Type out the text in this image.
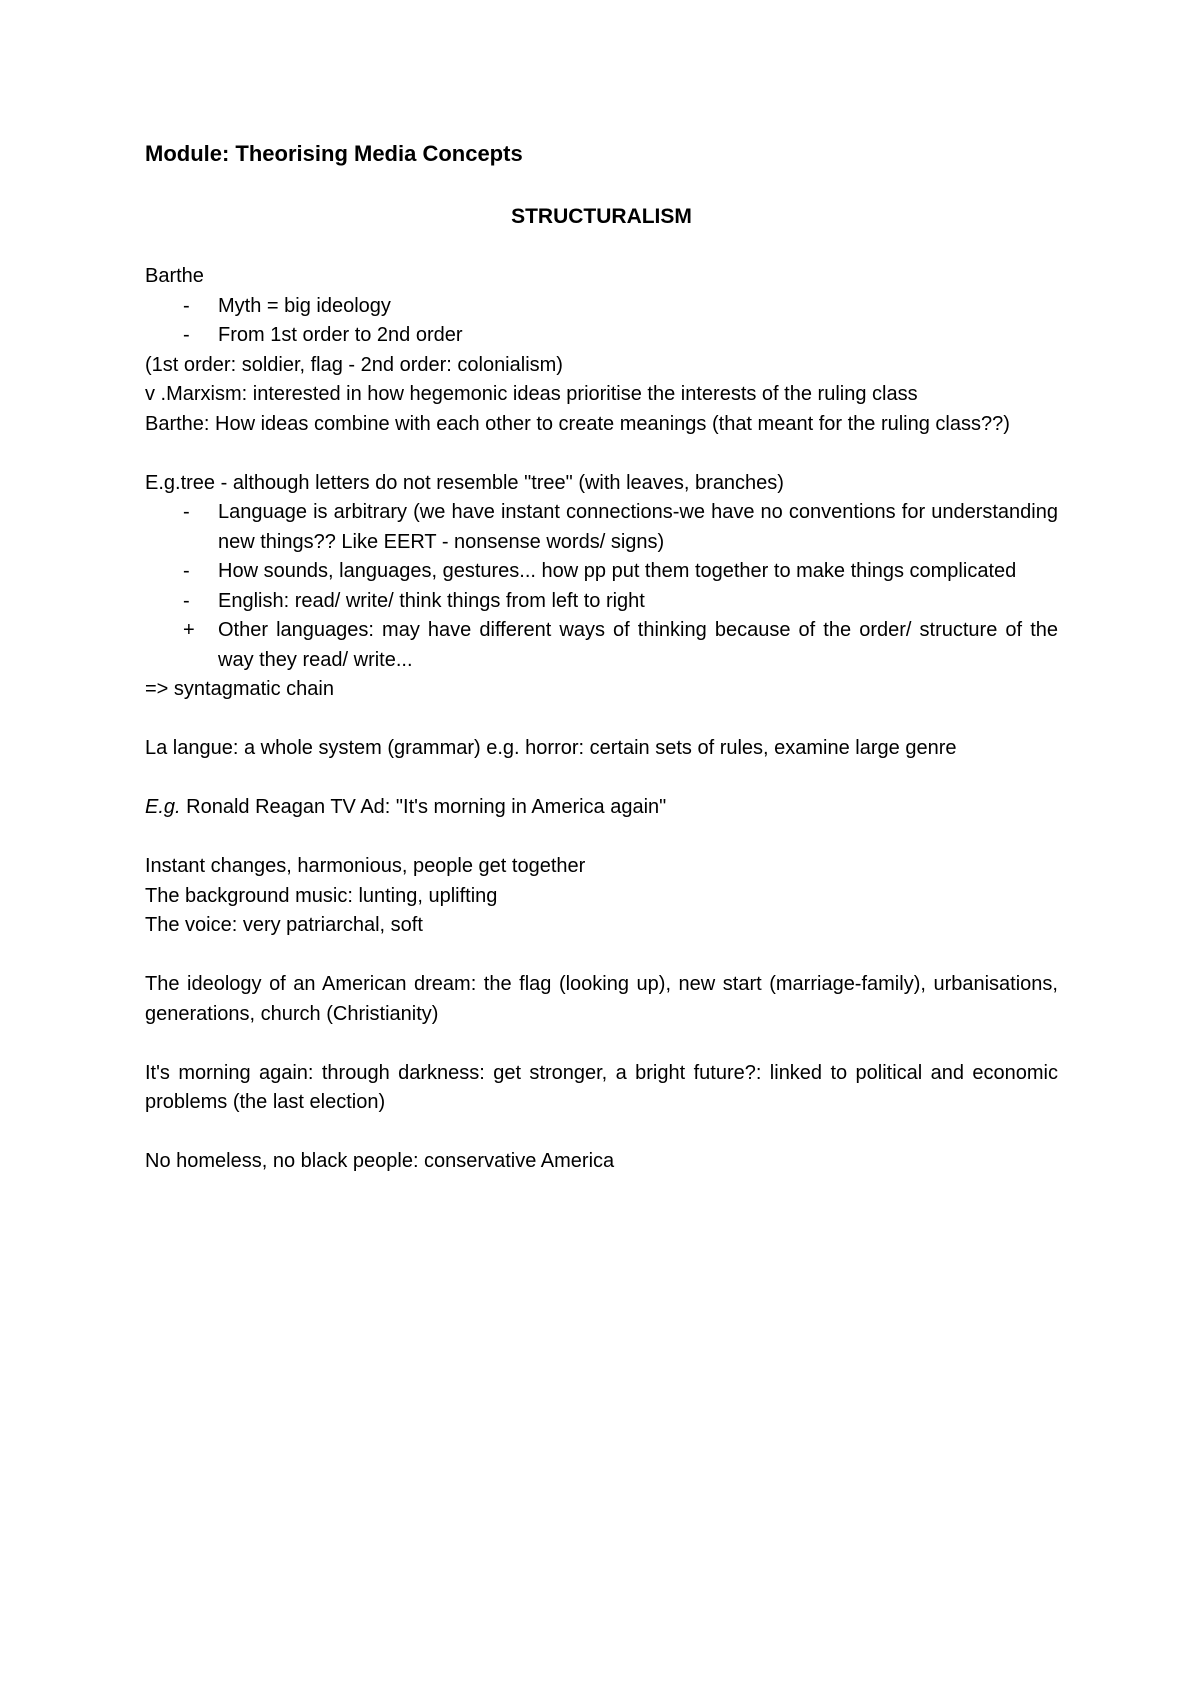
Module: Theorising Media Concepts
STRUCTURALISM
Barthe
-	Myth = big ideology
-	From 1st order to 2nd order
(1st order: soldier, flag - 2nd order: colonialism)
v .Marxism: interested in how hegemonic ideas prioritise the interests of the ruling class
Barthe: How ideas combine with each other to create meanings (that meant for the ruling class??)
E.g.tree - although letters do not resemble "tree" (with leaves, branches)
-	Language is arbitrary (we have instant connections-we have no conventions for understanding new things?? Like EERT - nonsense words/ signs)
-	How sounds, languages, gestures... how pp put them together to make things complicated
-	English: read/ write/ think things from left to right
+	Other languages: may have different ways of thinking because of the order/ structure of the way they read/ write...
=> syntagmatic chain
La langue: a whole system (grammar) e.g. horror: certain sets of rules, examine large genre
E.g. Ronald Reagan TV Ad: "It's morning in America again"
Instant changes, harmonious, people get together
The background music: lunting, uplifting
The voice: very patriarchal, soft
The ideology of an American dream: the flag (looking up), new start (marriage-family), urbanisations, generations, church (Christianity)
It's morning again: through darkness: get stronger, a bright future?: linked to political and economic problems (the last election)
No homeless, no black people: conservative America
